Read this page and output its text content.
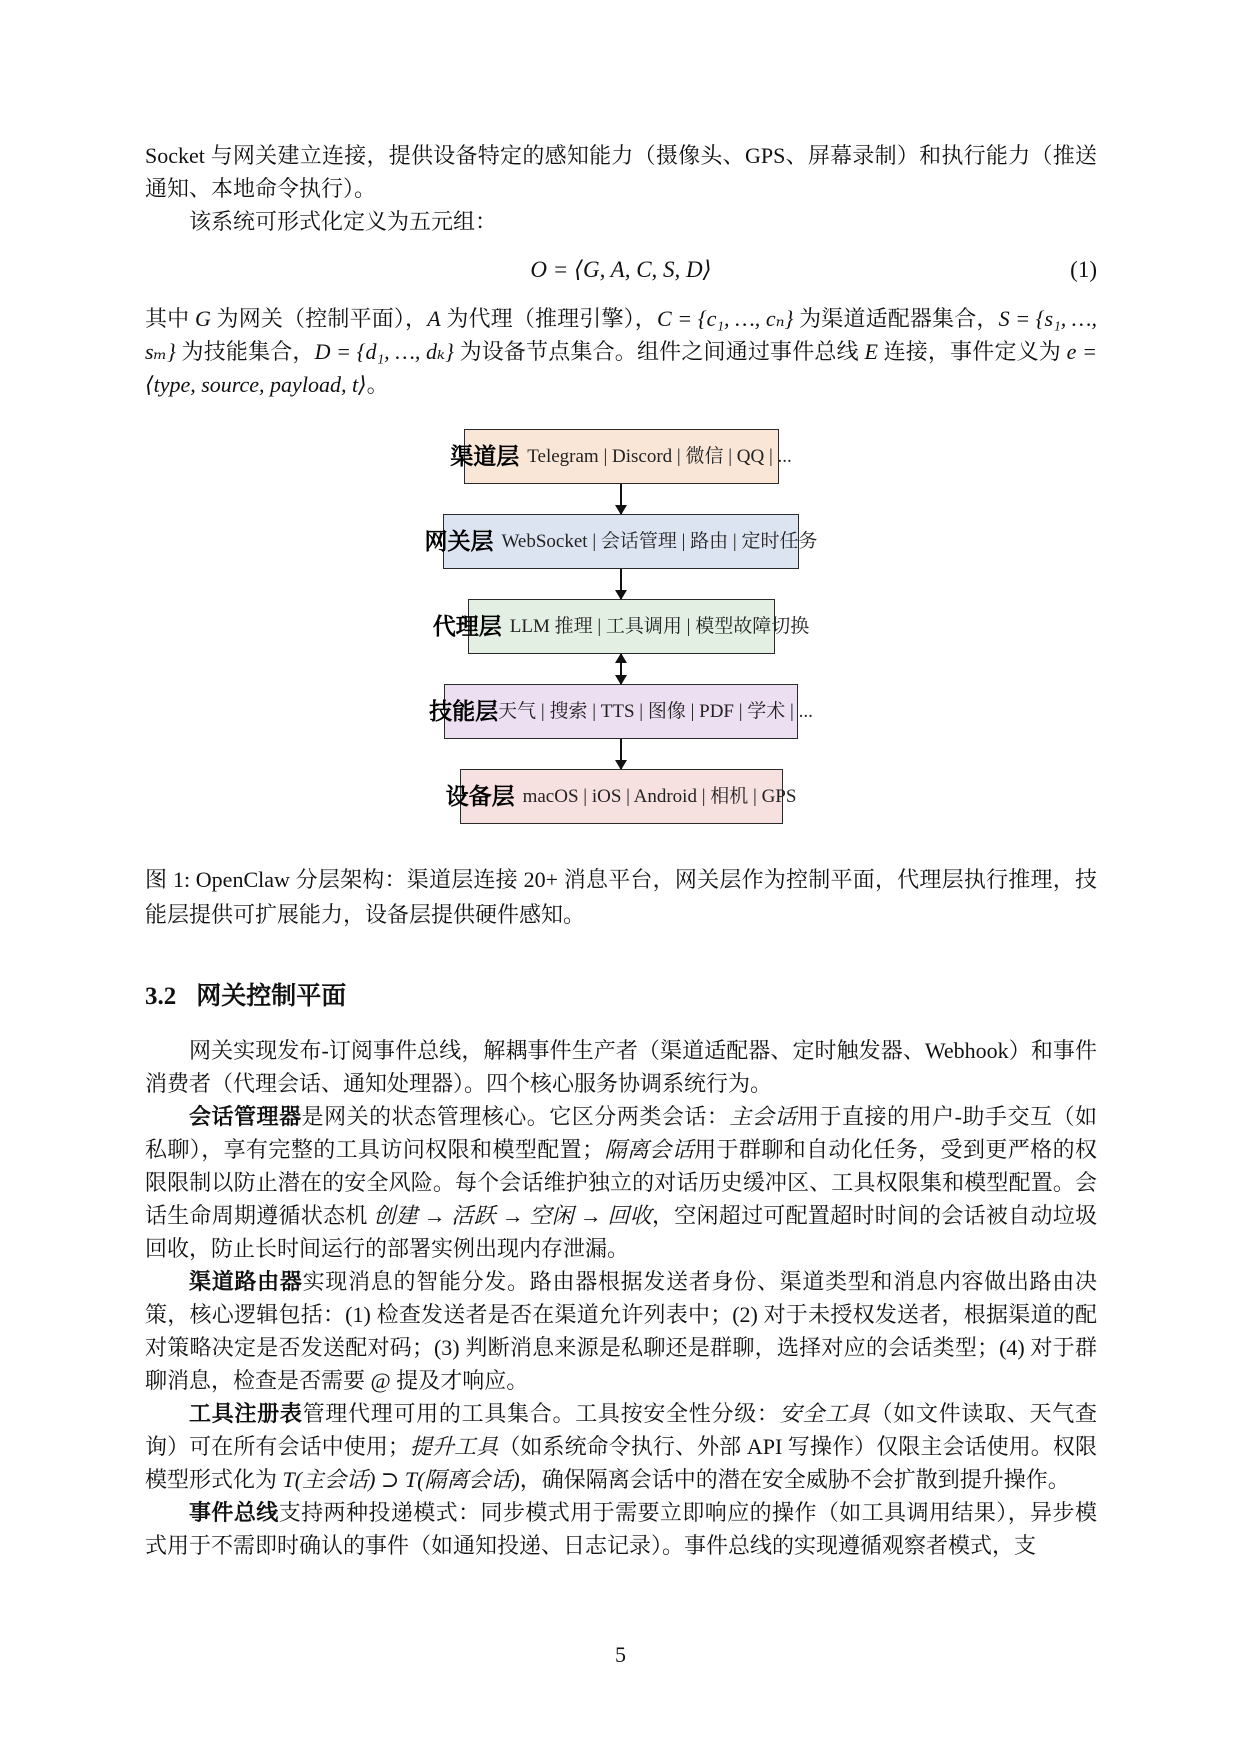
Socket 与网关建立连接，提供设备特定的感知能力（摄像头、GPS、屏幕录制）和执行能力（推送通知、本地命令执行）。

该系统可形式化定义为五元组：

O = ⟨G, A, C, S, D⟩	(1)

其中 G 为网关（控制平面），A 为代理（推理引擎），C = {c₁, …, cₙ} 为渠道适配器集合，S = {s₁, …, sₘ} 为技能集合，D = {d₁, …, dₖ} 为设备节点集合。组件之间通过事件总线 E 连接，事件定义为 e = ⟨type, source, payload, t⟩。

渠道层 Telegram | Discord | 微信 | QQ | ...
网关层 WebSocket | 会话管理 | 路由 | 定时任务
代理层 LLM 推理 | 工具调用 | 模型故障切换
技能层 天气 | 搜索 | TTS | 图像 | PDF | 学术 | ...
设备层 macOS | iOS | Android | 相机 | GPS

图 1: OpenClaw 分层架构：渠道层连接 20+ 消息平台，网关层作为控制平面，代理层执行推理，技能层提供可扩展能力，设备层提供硬件感知。

3.2 网关控制平面

网关实现发布-订阅事件总线，解耦事件生产者（渠道适配器、定时触发器、Webhook）和事件消费者（代理会话、通知处理器）。四个核心服务协调系统行为。

会话管理器是网关的状态管理核心。它区分两类会话：主会话用于直接的用户-助手交互（如私聊），享有完整的工具访问权限和模型配置；隔离会话用于群聊和自动化任务，受到更严格的权限限制以防止潜在的安全风险。每个会话维护独立的对话历史缓冲区、工具权限集和模型配置。会话生命周期遵循状态机 创建 → 活跃 → 空闲 → 回收，空闲超过可配置超时时间的会话被自动垃圾回收，防止长时间运行的部署实例出现内存泄漏。

渠道路由器实现消息的智能分发。路由器根据发送者身份、渠道类型和消息内容做出路由决策，核心逻辑包括：(1) 检查发送者是否在渠道允许列表中；(2) 对于未授权发送者，根据渠道的配对策略决定是否发送配对码；(3) 判断消息来源是私聊还是群聊，选择对应的会话类型；(4) 对于群聊消息，检查是否需要 @ 提及才响应。

工具注册表管理代理可用的工具集合。工具按安全性分级：安全工具（如文件读取、天气查询）可在所有会话中使用；提升工具（如系统命令执行、外部 API 写操作）仅限主会话使用。权限模型形式化为 T(主会话) ⊃ T(隔离会话)，确保隔离会话中的潜在安全威胁不会扩散到提升操作。

事件总线支持两种投递模式：同步模式用于需要立即响应的操作（如工具调用结果），异步模式用于不需即时确认的事件（如通知投递、日志记录）。事件总线的实现遵循观察者模式，支

5
